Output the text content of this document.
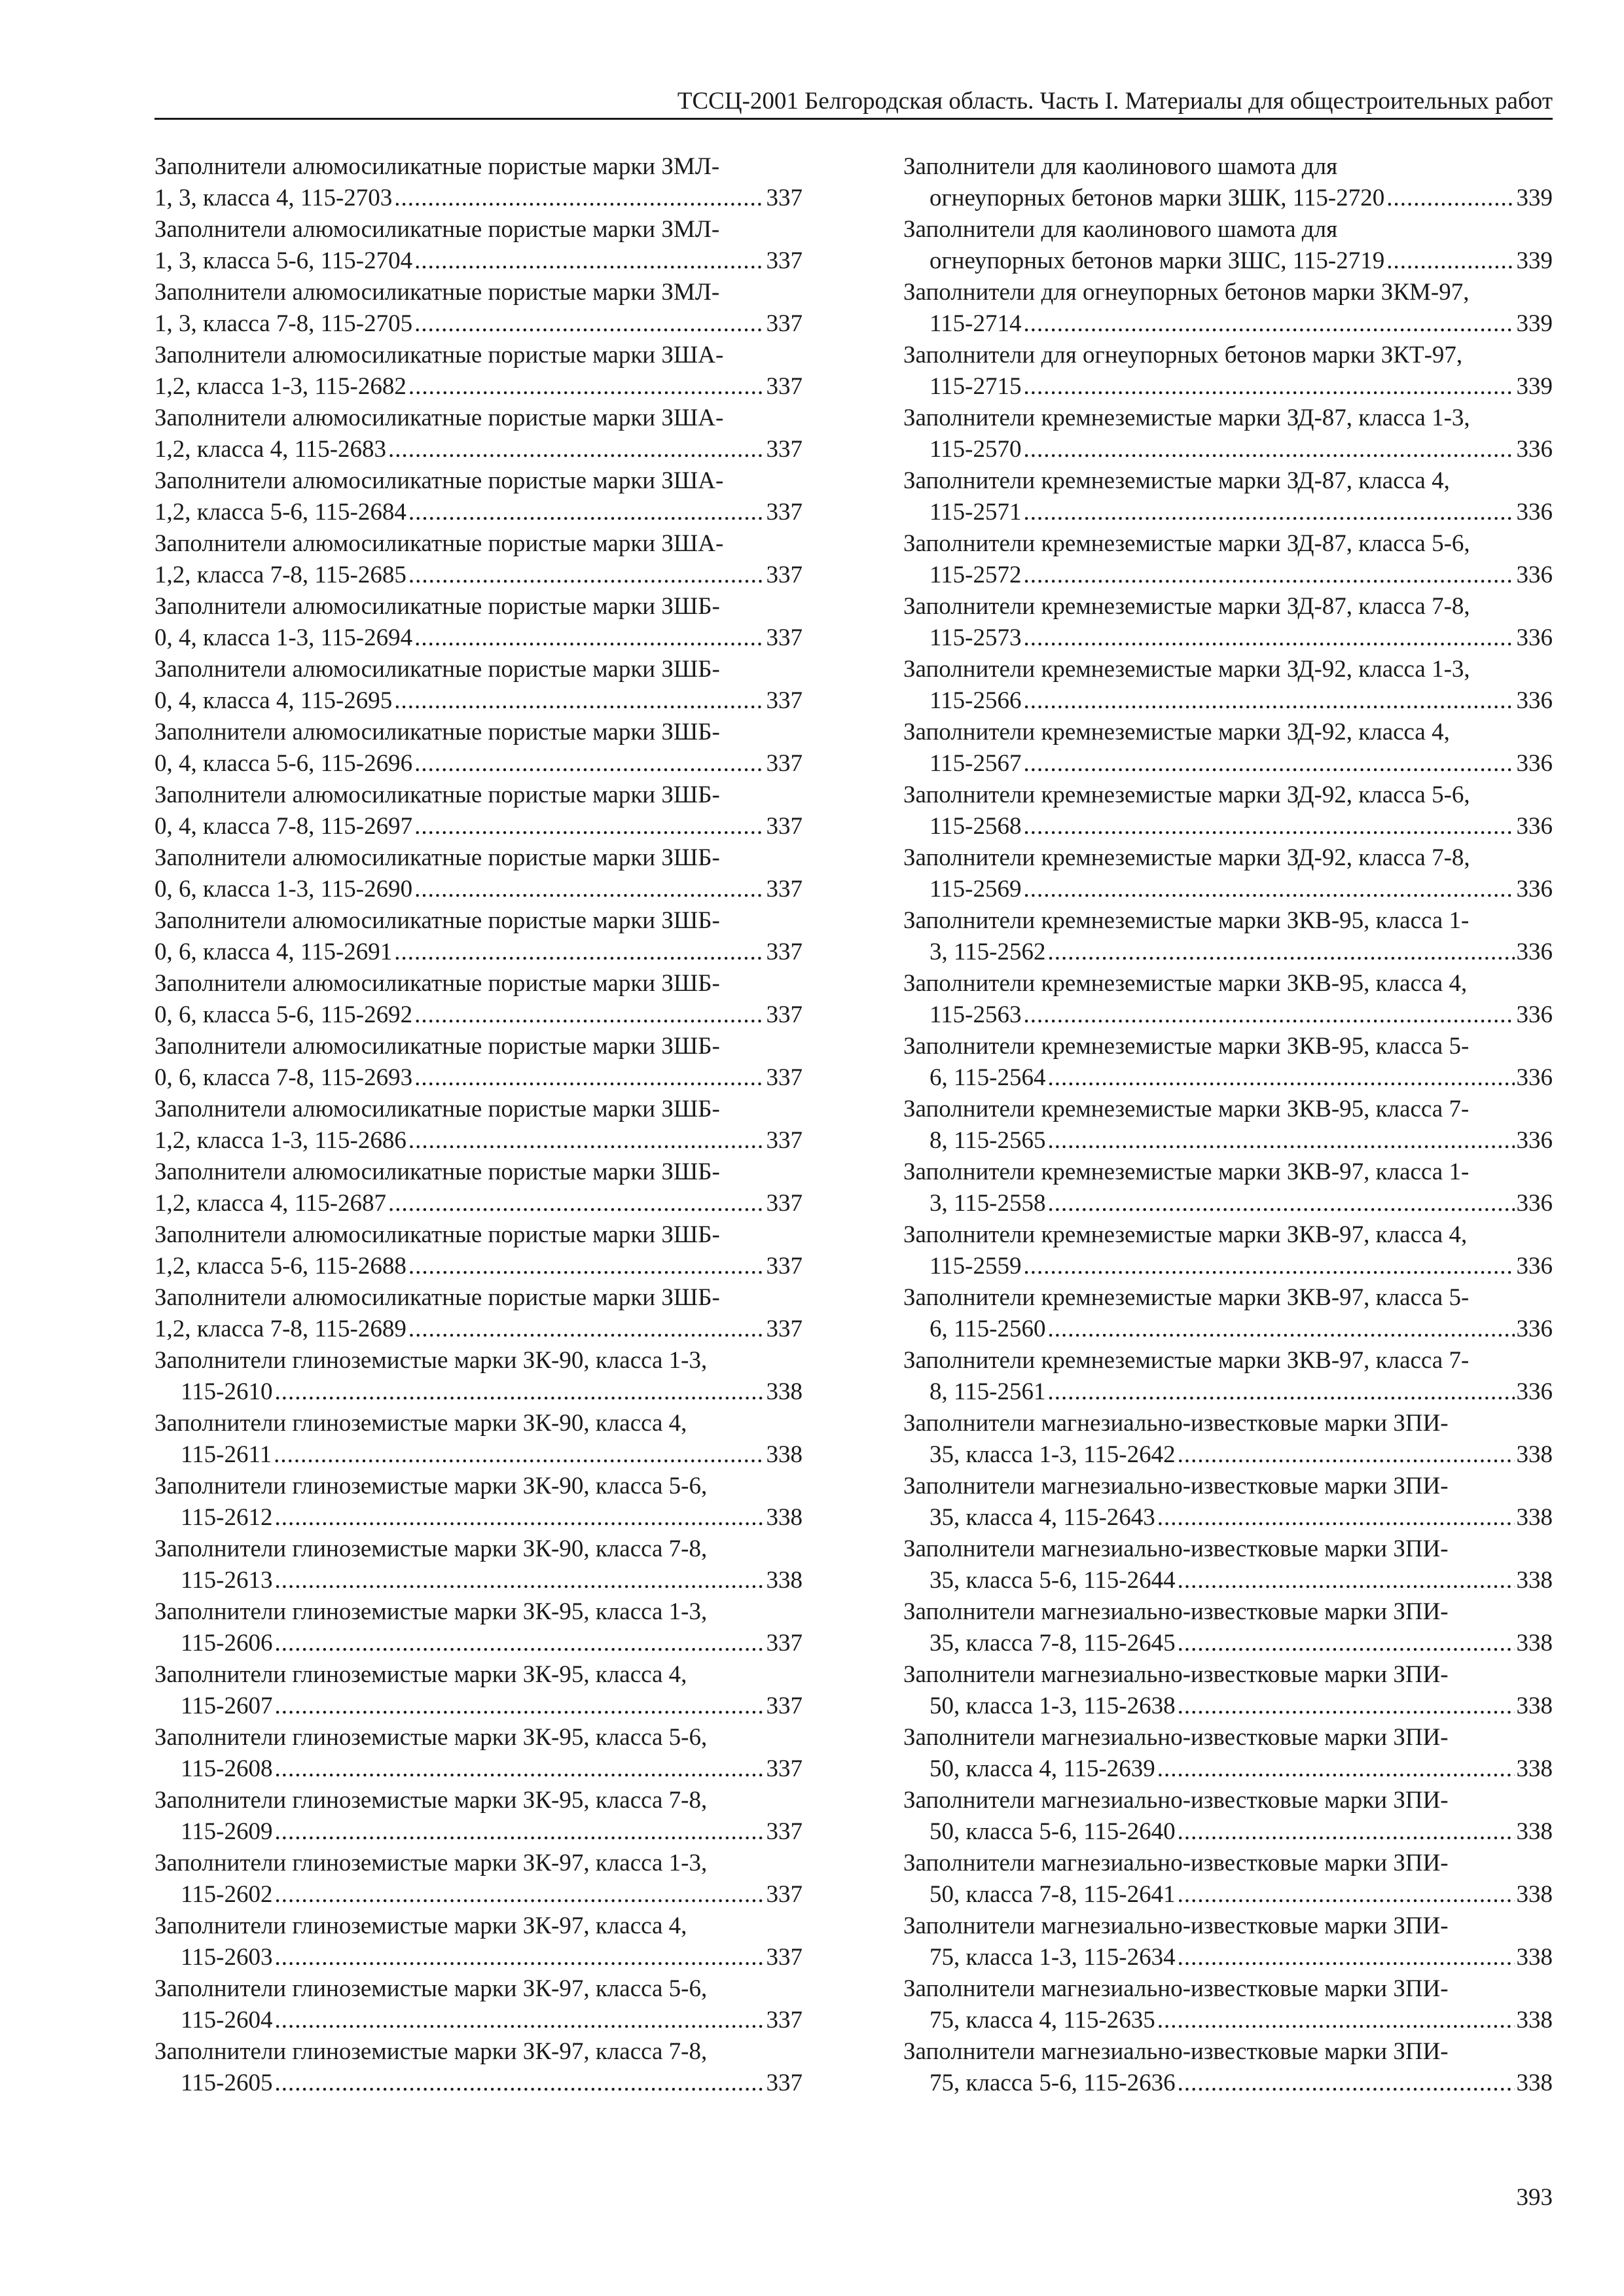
ТССЦ-2001 Белгородская область. Часть I. Материалы для общестроительных работ
Заполнители алюмосиликатные пористые марки ЗМЛ-
1, 3, класса 4, 115-2703 .....	337
Заполнители алюмосиликатные пористые марки ЗМЛ-
1, 3, класса 5-6, 115-2704 .....	337
Заполнители алюмосиликатные пористые марки ЗМЛ-
1, 3, класса 7-8, 115-2705 .....	337
Заполнители алюмосиликатные пористые марки ЗША-
1,2, класса 1-3, 115-2682 .....	337
Заполнители алюмосиликатные пористые марки ЗША-
1,2, класса 4, 115-2683 .....	337
Заполнители алюмосиликатные пористые марки ЗША-
1,2, класса 5-6, 115-2684 .....	337
Заполнители алюмосиликатные пористые марки ЗША-
1,2, класса 7-8, 115-2685 .....	337
Заполнители алюмосиликатные пористые марки ЗШБ-
0, 4, класса 1-3, 115-2694 .....	337
Заполнители алюмосиликатные пористые марки ЗШБ-
0, 4, класса 4, 115-2695 .....	337
Заполнители алюмосиликатные пористые марки ЗШБ-
0, 4, класса 5-6, 115-2696 .....	337
Заполнители алюмосиликатные пористые марки ЗШБ-
0, 4, класса 7-8, 115-2697 .....	337
Заполнители алюмосиликатные пористые марки ЗШБ-
0, 6, класса 1-3, 115-2690 .....	337
Заполнители алюмосиликатные пористые марки ЗШБ-
0, 6, класса 4, 115-2691 .....	337
Заполнители алюмосиликатные пористые марки ЗШБ-
0, 6, класса 5-6, 115-2692 .....	337
Заполнители алюмосиликатные пористые марки ЗШБ-
0, 6, класса 7-8, 115-2693 .....	337
Заполнители алюмосиликатные пористые марки ЗШБ-
1,2, класса 1-3, 115-2686 .....	337
Заполнители алюмосиликатные пористые марки ЗШБ-
1,2, класса 4, 115-2687 .....	337
Заполнители алюмосиликатные пористые марки ЗШБ-
1,2, класса 5-6, 115-2688 .....	337
Заполнители алюмосиликатные пористые марки ЗШБ-
1,2, класса 7-8, 115-2689 .....	337
Заполнители глиноземистые марки ЗК-90, класса 1-3,
115-2610 .....	338
Заполнители глиноземистые марки ЗК-90, класса 4,
115-2611 .....	338
Заполнители глиноземистые марки ЗК-90, класса 5-6,
115-2612 .....	338
Заполнители глиноземистые марки ЗК-90, класса 7-8,
115-2613 .....	338
Заполнители глиноземистые марки ЗК-95, класса 1-3,
115-2606 .....	337
Заполнители глиноземистые марки ЗК-95, класса 4,
115-2607 .....	337
Заполнители глиноземистые марки ЗК-95, класса 5-6,
115-2608 .....	337
Заполнители глиноземистые марки ЗК-95, класса 7-8,
115-2609 .....	337
Заполнители глиноземистые марки ЗК-97, класса 1-3,
115-2602 .....	337
Заполнители глиноземистые марки ЗК-97, класса 4,
115-2603 .....	337
Заполнители глиноземистые марки ЗК-97, класса 5-6,
115-2604 .....	337
Заполнители глиноземистые марки ЗК-97, класса 7-8,
115-2605 .....	337
Заполнители для каолинового шамота для
огнеупорных бетонов марки ЗШК, 115-2720 .....	339
Заполнители для каолинового шамота для
огнеупорных бетонов марки ЗШС, 115-2719 .....	339
Заполнители для огнеупорных бетонов марки ЗКМ-97,
115-2714 .....	339
Заполнители для огнеупорных бетонов марки ЗКТ-97,
115-2715 .....	339
Заполнители кремнеземистые марки ЗД-87, класса 1-3,
115-2570 .....	336
Заполнители кремнеземистые марки ЗД-87, класса 4,
115-2571 .....	336
Заполнители кремнеземистые марки ЗД-87, класса 5-6,
115-2572 .....	336
Заполнители кремнеземистые марки ЗД-87, класса 7-8,
115-2573 .....	336
Заполнители кремнеземистые марки ЗД-92, класса 1-3,
115-2566 .....	336
Заполнители кремнеземистые марки ЗД-92, класса 4,
115-2567 .....	336
Заполнители кремнеземистые марки ЗД-92, класса 5-6,
115-2568 .....	336
Заполнители кремнеземистые марки ЗД-92, класса 7-8,
115-2569 .....	336
Заполнители кремнеземистые марки ЗКВ-95, класса 1-
3, 115-2562 .....	336
Заполнители кремнеземистые марки ЗКВ-95, класса 4,
115-2563 .....	336
Заполнители кремнеземистые марки ЗКВ-95, класса 5-
6, 115-2564 .....	336
Заполнители кремнеземистые марки ЗКВ-95, класса 7-
8, 115-2565 .....	336
Заполнители кремнеземистые марки ЗКВ-97, класса 1-
3, 115-2558 .....	336
Заполнители кремнеземистые марки ЗКВ-97, класса 4,
115-2559 .....	336
Заполнители кремнеземистые марки ЗКВ-97, класса 5-
6, 115-2560 .....	336
Заполнители кремнеземистые марки ЗКВ-97, класса 7-
8, 115-2561 .....	336
Заполнители магнезиально-известковые марки ЗПИ-
35, класса 1-3, 115-2642 .....	338
Заполнители магнезиально-известковые марки ЗПИ-
35, класса 4, 115-2643 .....	338
Заполнители магнезиально-известковые марки ЗПИ-
35, класса 5-6, 115-2644 .....	338
Заполнители магнезиально-известковые марки ЗПИ-
35, класса 7-8, 115-2645 .....	338
Заполнители магнезиально-известковые марки ЗПИ-
50, класса 1-3, 115-2638 .....	338
Заполнители магнезиально-известковые марки ЗПИ-
50, класса 4, 115-2639 .....	338
Заполнители магнезиально-известковые марки ЗПИ-
50, класса 5-6, 115-2640 .....	338
Заполнители магнезиально-известковые марки ЗПИ-
50, класса 7-8, 115-2641 .....	338
Заполнители магнезиально-известковые марки ЗПИ-
75, класса 1-3, 115-2634 .....	338
Заполнители магнезиально-известковые марки ЗПИ-
75, класса 4, 115-2635 .....	338
Заполнители магнезиально-известковые марки ЗПИ-
75, класса 5-6, 115-2636 .....	338
393
